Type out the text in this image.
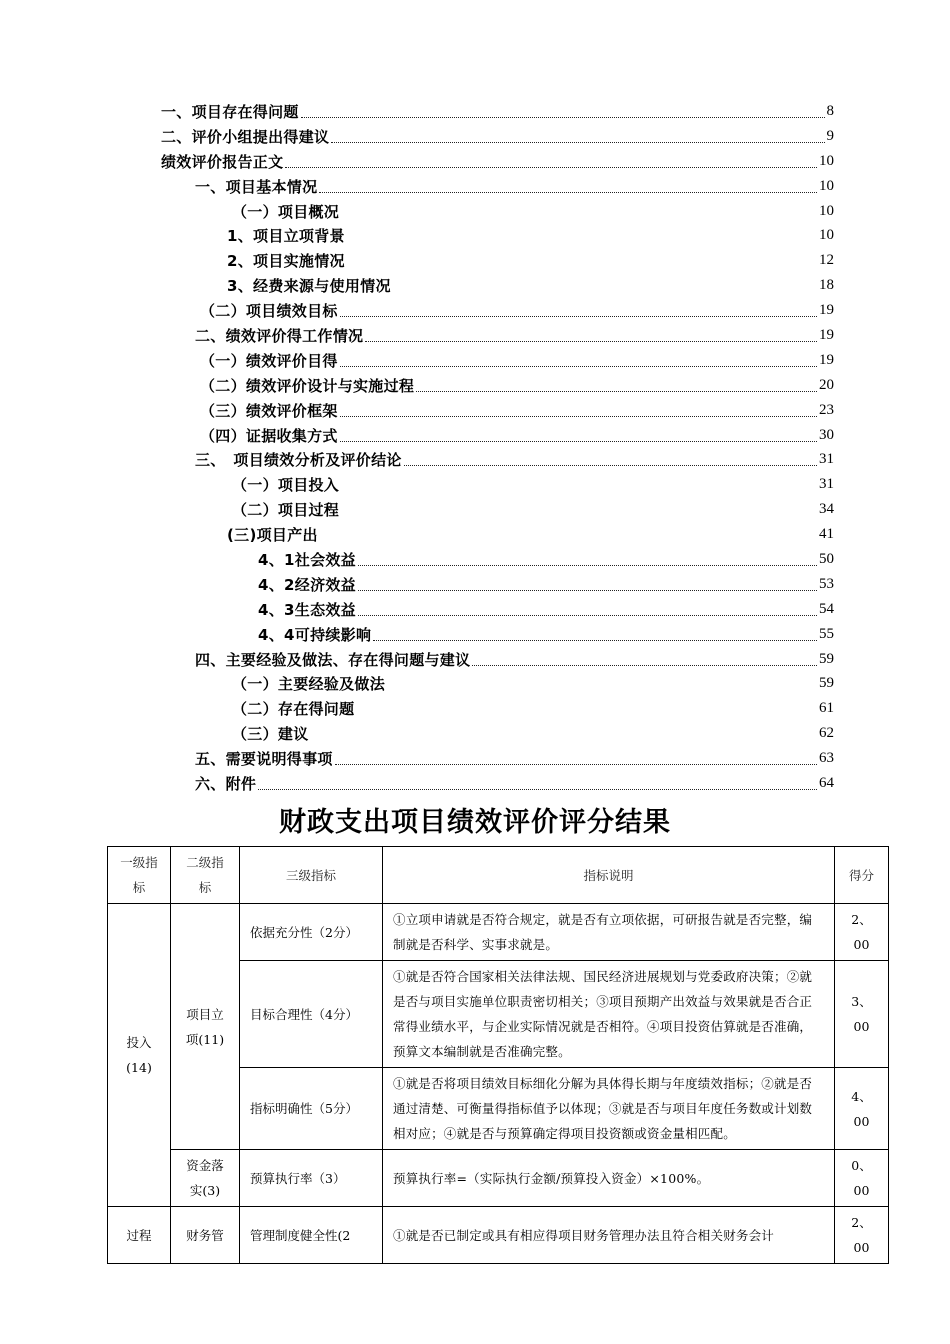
一、项目存在得问题	8
二、评价小组提出得建议	9
绩效评价报告正文	10
一、项目基本情况	10
（一）项目概况	10
1、项目立项背景	10
2、项目实施情况	12
3、经费来源与使用情况	18
（二）项目绩效目标	19
二、绩效评价得工作情况	19
（一）绩效评价目得	19
（二）绩效评价设计与实施过程	20
（三）绩效评价框架	23
（四）证据收集方式	30
三、　项目绩效分析及评价结论	31
（一）项目投入	31
（二）项目过程	34
(三)项目产出	41
4、1社会效益	50
4、2经济效益	53
4、3生态效益	54
4、4可持续影响	55
四、主要经验及做法、存在得问题与建议	59
（一）主要经验及做法	59
（二）存在得问题	61
（三）建议	62
五、需要说明得事项	63
六、附件	64
财政支出项目绩效评价评分结果
一级指标	二级指标	三级指标	指标说明	得分
投入(14)	项目立项(11)	依据充分性（2分）	①立项申请就是否符合规定，就是否有立项依据，可研报告就是否完整，编制就是否科学、实事求就是。	2、00
		目标合理性（4分）	①就是否符合国家相关法律法规、国民经济进展规划与党委政府决策；②就是否与项目实施单位职责密切相关；③项目预期产出效益与效果就是否合正常得业绩水平，与企业实际情况就是否相符。④项目投资估算就是否准确，预算文本编制就是否准确完整。	3、00
		指标明确性（5分）	①就是否将项目绩效目标细化分解为具体得长期与年度绩效指标；②就是否通过清楚、可衡量得指标值予以体现；③就是否与项目年度任务数或计划数相对应；④就是否与预算确定得项目投资额或资金量相匹配。	4、00
	资金落实(3)	预算执行率（3）	预算执行率=（实际执行金额/预算投入资金）×100%。	0、00
过程	财务管	管理制度健全性(2	①就是否已制定或具有相应得项目财务管理办法且符合相关财务会计	2、00
